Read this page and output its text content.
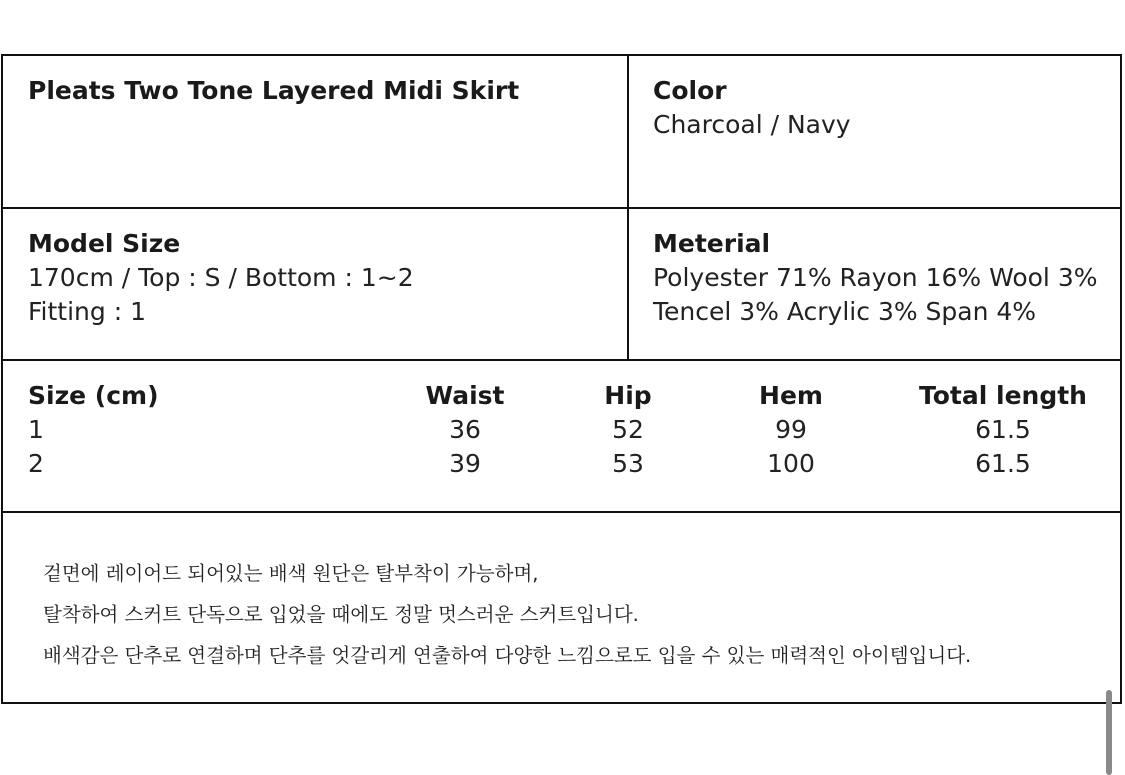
Pleats Two Tone Layered Midi Skirt	Color
Charcoal / Navy
Model Size
170cm / Top : S / Bottom : 1~2
Fitting : 1
Meterial
Polyester 71% Rayon 16% Wool 3%
Tencel 3% Acrylic 3% Span 4%
Size (cm)
1
2
Waist
36
39
Hip
52
53
Hem
99
100
Total length
61.5
61.5
겉면에 레이어드 되어있는 배색 원단은 탈부착이 가능하며,
탈착하여 스커트 단독으로 입었을 때에도 정말 멋스러운 스커트입니다.
배색감은 단추로 연결하며 단추를 엇갈리게 연출하여 다양한 느낌으로도 입을 수 있는 매력적인 아이템입니다.
